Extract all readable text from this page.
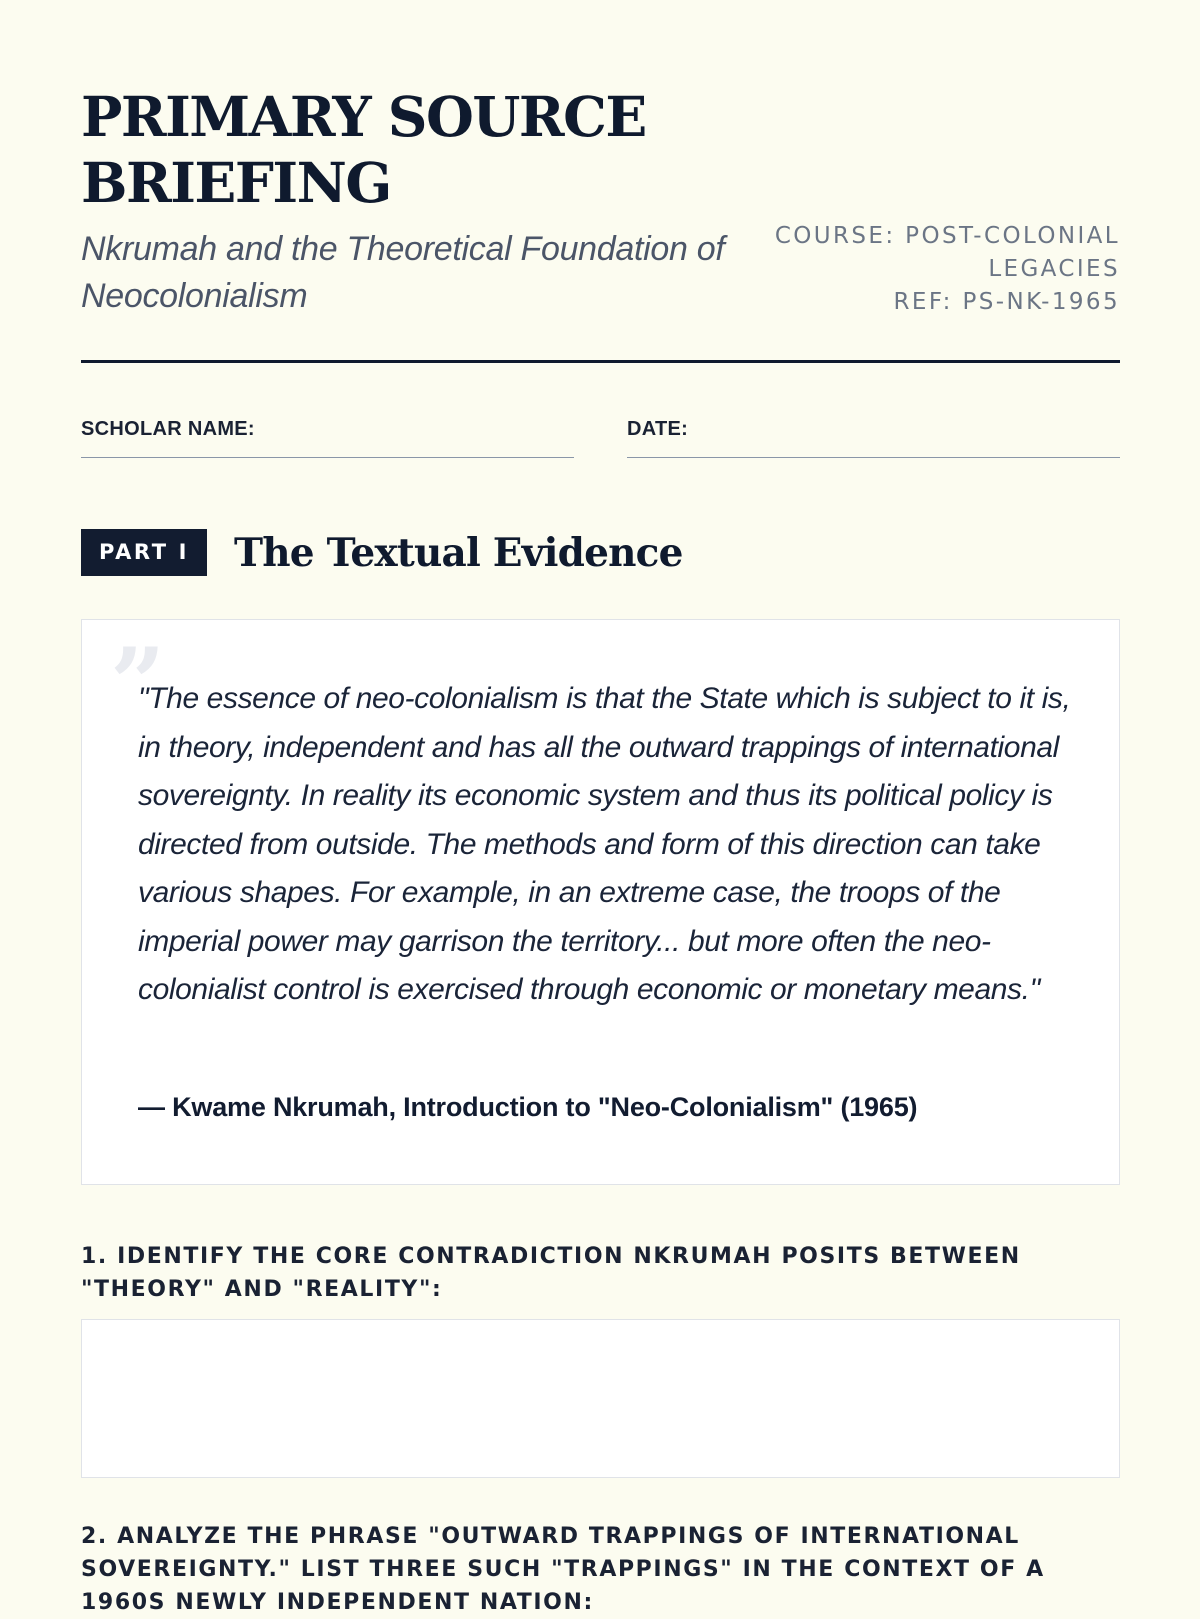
PRIMARY SOURCE BRIEFING
Nkrumah and the Theoretical Foundation of Neocolonialism
COURSE: POST-COLONIAL LEGACIES
REF: PS-NK-1965
SCHOLAR NAME:	DATE:
PART I	The Textual Evidence
”
"The essence of neo-colonialism is that the State which is subject to it is, in theory, independent and has all the outward trappings of international sovereignty. In reality its economic system and thus its political policy is directed from outside. The methods and form of this direction can take various shapes. For example, in an extreme case, the troops of the imperial power may garrison the territory... but more often the neo-colonialist control is exercised through economic or monetary means."
— Kwame Nkrumah, Introduction to "Neo-Colonialism" (1965)
1. IDENTIFY THE CORE CONTRADICTION NKRUMAH POSITS BETWEEN "THEORY" AND "REALITY":
2. ANALYZE THE PHRASE "OUTWARD TRAPPINGS OF INTERNATIONAL SOVEREIGNTY." LIST THREE SUCH "TRAPPINGS" IN THE CONTEXT OF A 1960S NEWLY INDEPENDENT NATION:
